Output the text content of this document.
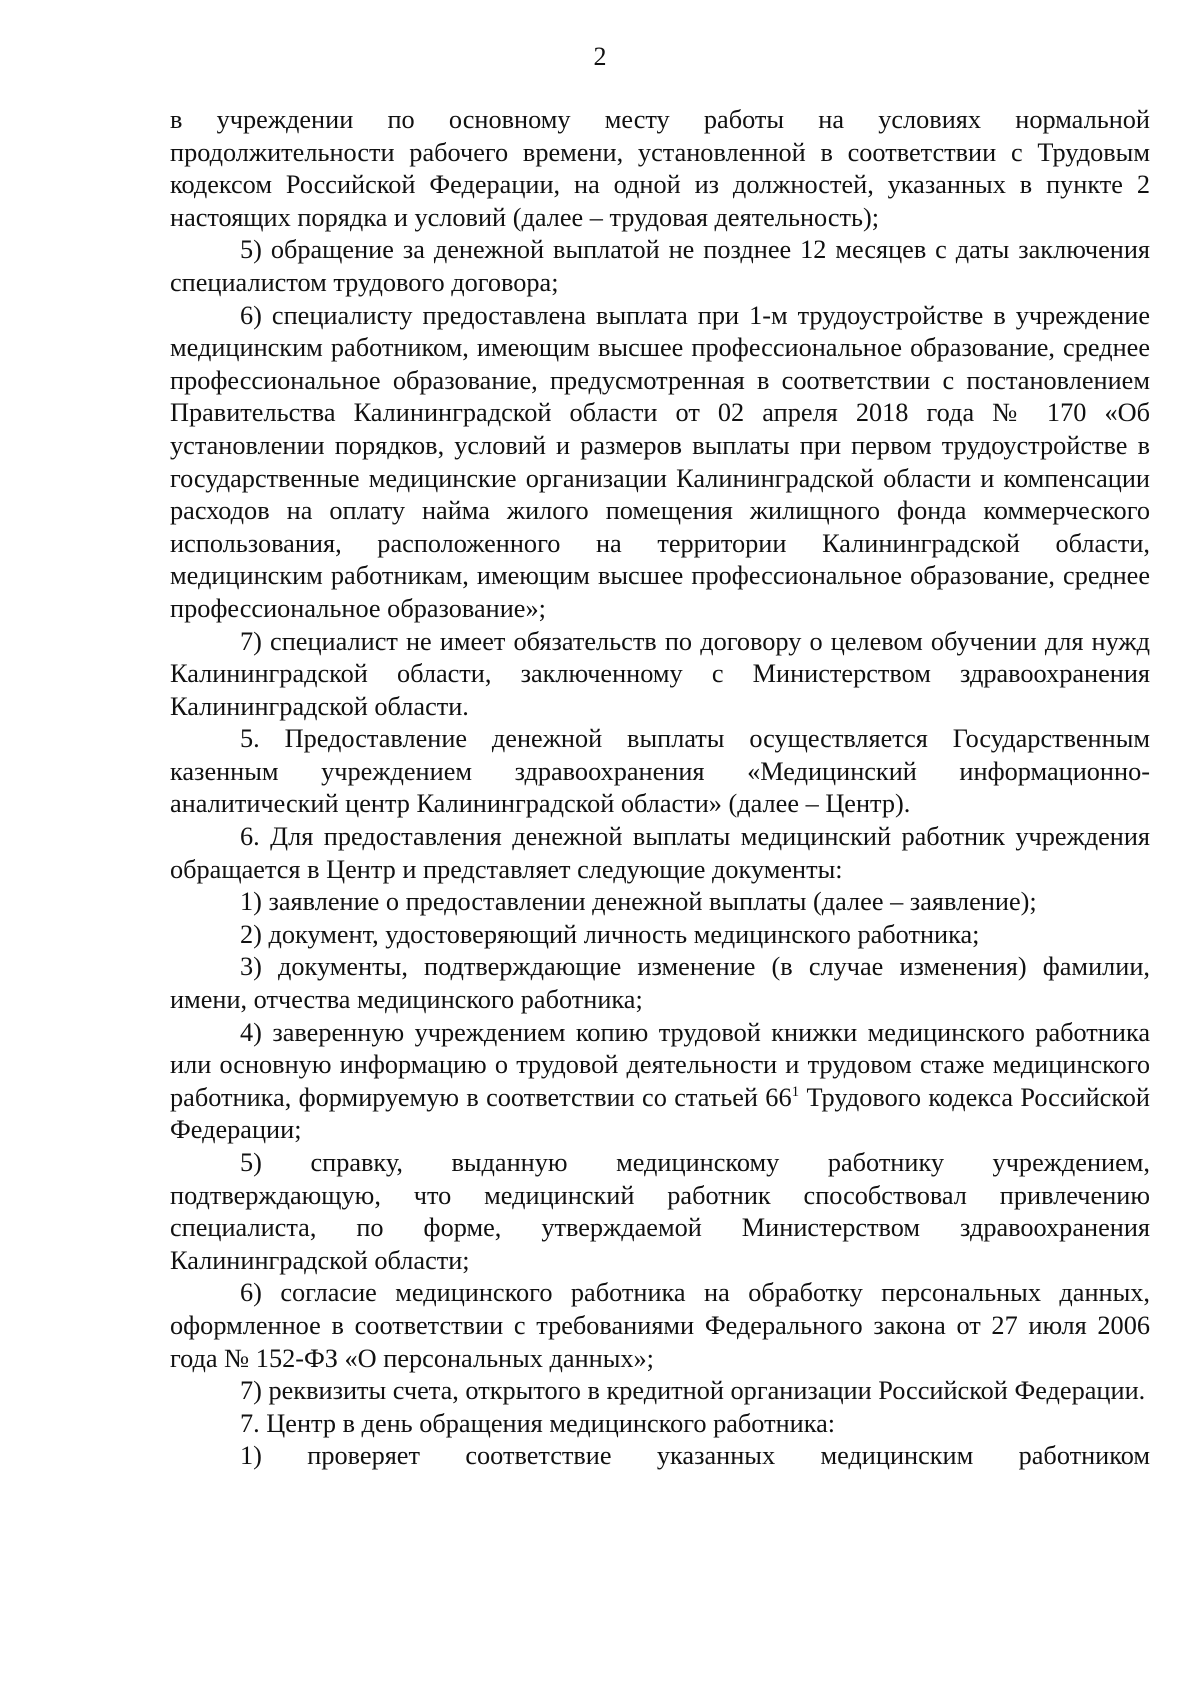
2

в учреждении по основному месту работы на условиях нормальной продолжительности рабочего времени, установленной в соответствии с Трудовым кодексом Российской Федерации, на одной из должностей, указанных в пункте 2 настоящих порядка и условий (далее – трудовая деятельность);

5) обращение за денежной выплатой не позднее 12 месяцев с даты заключения специалистом трудового договора;

6) специалисту предоставлена выплата при 1-м трудоустройстве в учреждение медицинским работником, имеющим высшее профессиональное образование, среднее профессиональное образование, предусмотренная в соответствии с постановлением Правительства Калининградской области от 02 апреля 2018 года № 170 «Об установлении порядков, условий и размеров выплаты при первом трудоустройстве в государственные медицинские организации Калининградской области и компенсации расходов на оплату найма жилого помещения жилищного фонда коммерческого использования, расположенного на территории Калининградской области, медицинским работникам, имеющим высшее профессиональное образование, среднее профессиональное образование»;

7) специалист не имеет обязательств по договору о целевом обучении для нужд Калининградской области, заключенному с Министерством здравоохранения Калининградской области.

5. Предоставление денежной выплаты осуществляется Государственным казенным учреждением здравоохранения «Медицинский информационно-аналитический центр Калининградской области» (далее – Центр).

6. Для предоставления денежной выплаты медицинский работник учреждения обращается в Центр и представляет следующие документы:

1) заявление о предоставлении денежной выплаты (далее – заявление);

2) документ, удостоверяющий личность медицинского работника;

3) документы, подтверждающие изменение (в случае изменения) фамилии, имени, отчества медицинского работника;

4) заверенную учреждением копию трудовой книжки медицинского работника или основную информацию о трудовой деятельности и трудовом стаже медицинского работника, формируемую в соответствии со статьей $66^1$ Трудового кодекса Российской Федерации;

5) справку, выданную медицинскому работнику учреждением, подтверждающую, что медицинский работник способствовал привлечению специалиста, по форме, утверждаемой Министерством здравоохранения Калининградской области;

6) согласие медицинского работника на обработку персональных данных, оформленное в соответствии с требованиями Федерального закона от 27 июля 2006 года № 152-ФЗ «О персональных данных»;

7) реквизиты счета, открытого в кредитной организации Российской Федерации.

7. Центр в день обращения медицинского работника:

1) проверяет соответствие указанных медицинским работником
